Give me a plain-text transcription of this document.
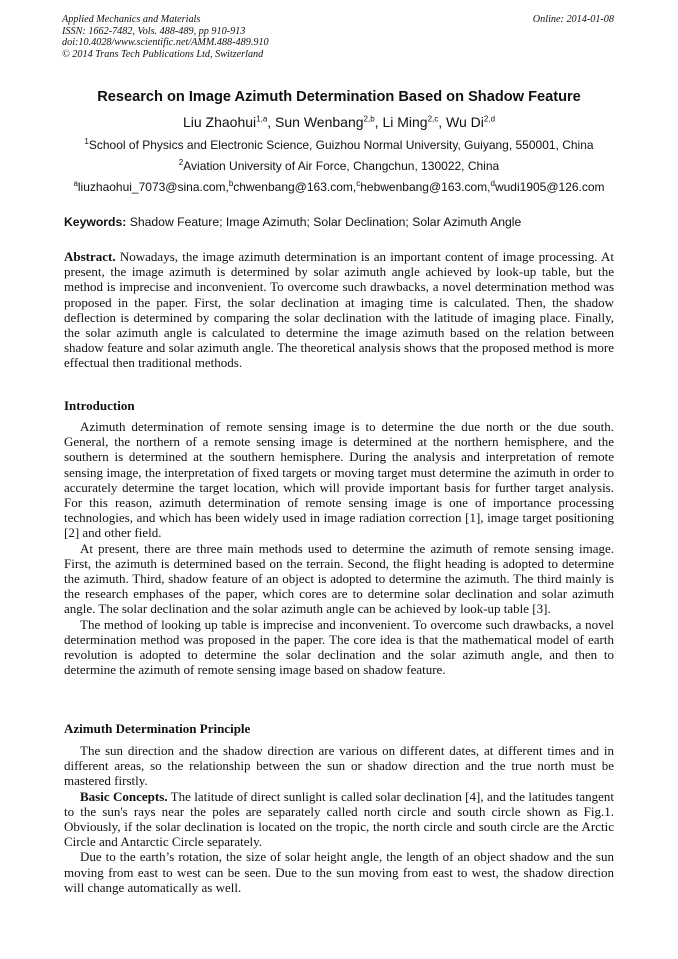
Applied Mechanics and Materials
ISSN: 1662-7482, Vols. 488-489, pp 910-913
doi:10.4028/www.scientific.net/AMM.488-489.910
© 2014 Trans Tech Publications Ltd, Switzerland
Online: 2014-01-08
Research on Image Azimuth Determination Based on Shadow Feature
Liu Zhaohui$^{1,a}$, Sun Wenbang$^{2,b}$, Li Ming$^{2,c}$, Wu Di$^{2,d}$
$^1$School of Physics and Electronic Science, Guizhou Normal University, Guiyang, 550001, China
$^2$Aviation University of Air Force, Changchun, 130022, China
$^a$liuzhaohui_7073@sina.com,$^b$chwenbang@163.com,$^c$hebwenbang@163.com,$^d$wudi1905@126.com
Keywords: Shadow Feature; Image Azimuth; Solar Declination; Solar Azimuth Angle

Abstract. Nowadays, the image azimuth determination is an important content of image processing. At present, the image azimuth is determined by solar azimuth angle achieved by look-up table, but the method is imprecise and inconvenient. To overcome such drawbacks, a novel determination method was proposed in the paper. First, the solar declination at imaging time is calculated. Then, the shadow deflection is determined by comparing the solar declination with the latitude of imaging place. Finally, the solar azimuth angle is calculated to determine the image azimuth based on the relation between shadow feature and solar azimuth angle. The theoretical analysis shows that the proposed method is more effectual then traditional methods.

Introduction

Azimuth determination of remote sensing image is to determine the due north or the due south. General, the northern of a remote sensing image is determined at the northern hemisphere, and the southern is determined at the southern hemisphere. During the analysis and interpretation of remote sensing image, the interpretation of fixed targets or moving target must determine the azimuth in order to accurately determine the target location, which will provide important basis for further target analysis. For this reason, azimuth determination of remote sensing image is one of importance processing technologies, and which has been widely used in image radiation correction [1], image target positioning [2] and other field.

At present, there are three main methods used to determine the azimuth of remote sensing image. First, the azimuth is determined based on the terrain. Second, the flight heading is adopted to determine the azimuth. Third, shadow feature of an object is adopted to determine the azimuth. The third mainly is the research emphases of the paper, which cores are to determine solar declination and solar azimuth angle. The solar declination and the solar azimuth angle can be achieved by look-up table [3].

The method of looking up table is imprecise and inconvenient. To overcome such drawbacks, a novel determination method was proposed in the paper. The core idea is that the mathematical model of earth revolution is adopted to determine the solar declination and the solar azimuth angle, and then to determine the azimuth of remote sensing image based on shadow feature.

Azimuth Determination Principle

The sun direction and the shadow direction are various on different dates, at different times and in different areas, so the relationship between the sun or shadow direction and the true north must be mastered firstly.

Basic Concepts. The latitude of direct sunlight is called solar declination [4], and the latitudes tangent to the sun's rays near the poles are separately called north circle and south circle shown as Fig.1. Obviously, if the solar declination is located on the tropic, the north circle and south circle are the Arctic Circle and Antarctic Circle separately.

Due to the earth’s rotation, the size of solar height angle, the length of an object shadow and the sun moving from east to west can be seen. Due to the sun moving from east to west, the shadow direction will change automatically as well.
